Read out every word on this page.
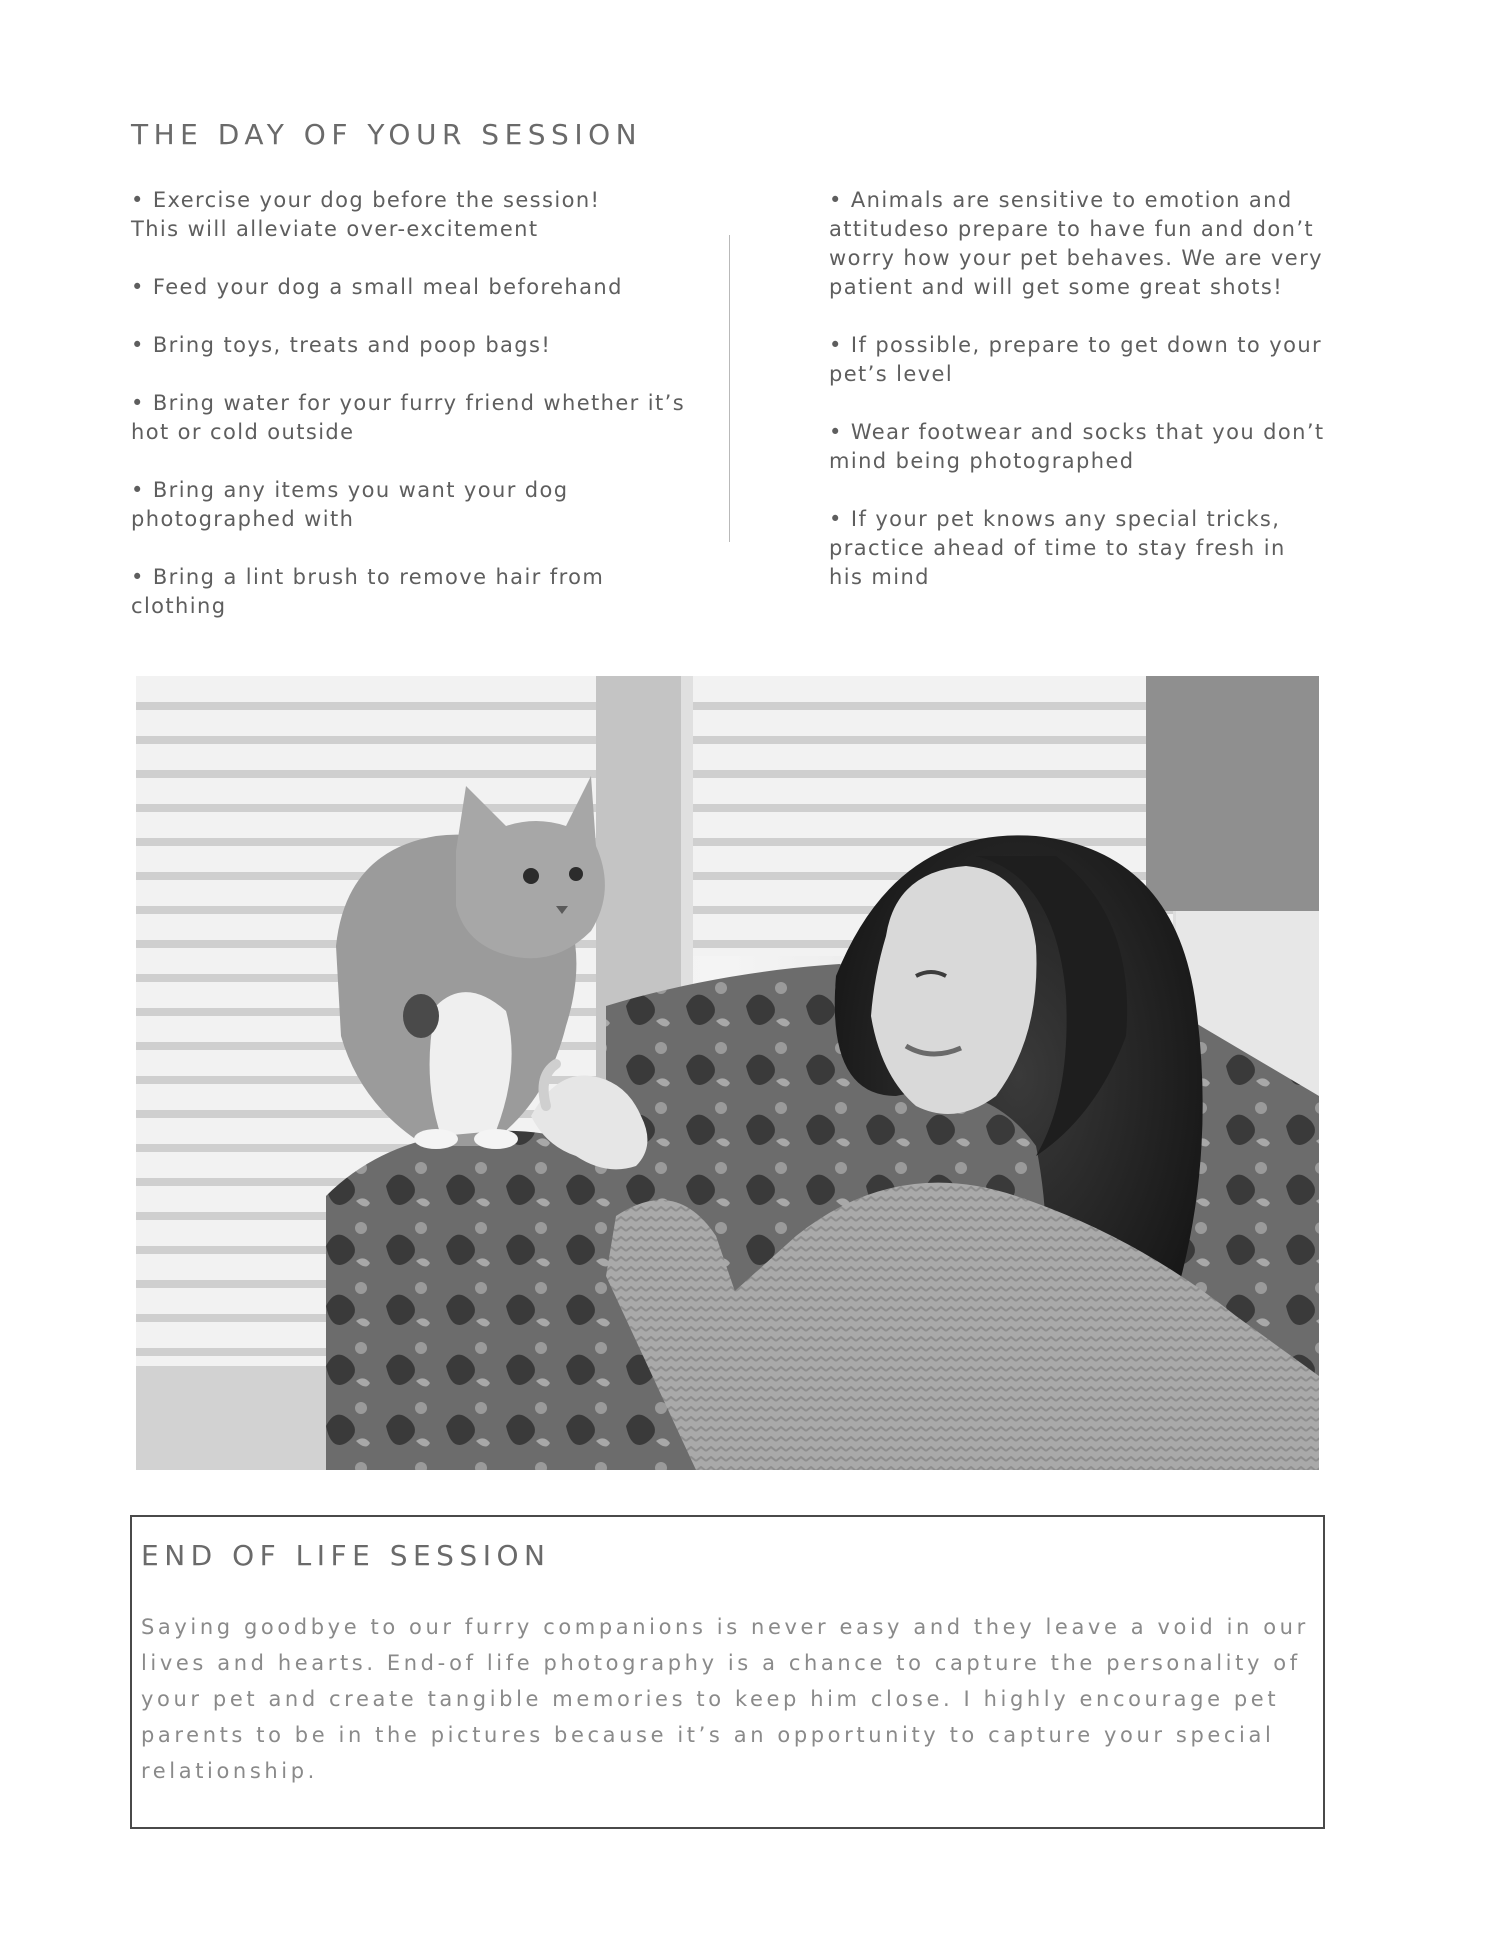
THE DAY OF YOUR SESSION

• Exercise your dog before the session!
This will alleviate over-excitement

• Feed your dog a small meal beforehand

• Bring toys, treats and poop bags!

• Bring water for your furry friend whether it’s
hot or cold outside

• Bring any items you want your dog
photographed with

• Bring a lint brush to remove hair from clothing

• Animals are sensitive to emotion and
attitudeso prepare to have fun and don’t
worry how your pet behaves. We are very
patient and will get some great shots!

• If possible, prepare to get down to your
pet’s level

• Wear footwear and socks that you don’t
mind being photographed

• If your pet knows any special tricks,
practice ahead of time to stay fresh in
his mind

END OF LIFE SESSION

Saying goodbye to our furry companions is never easy and they leave a void in our lives and hearts. End-of life photography is a chance to capture the personality of your pet and create tangible memories to keep him close. I highly encourage pet parents to be in the pictures because it’s an opportunity to capture your special relationship.
